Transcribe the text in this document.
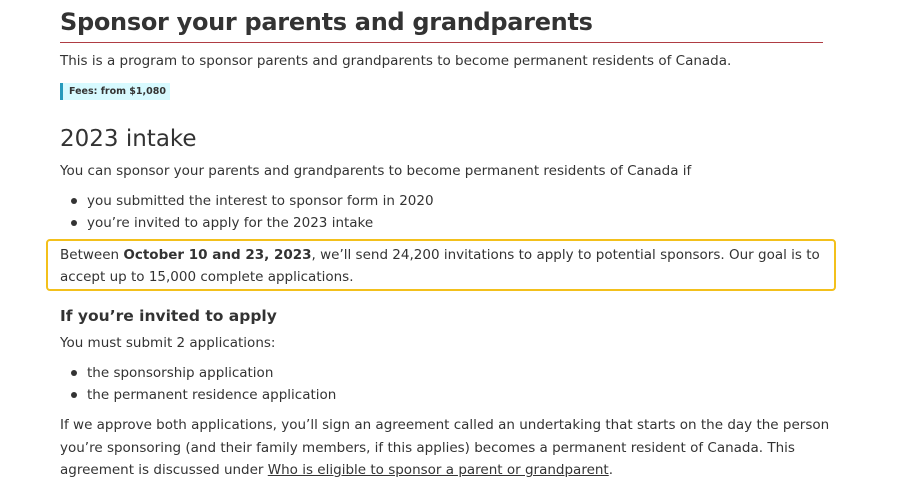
Sponsor your parents and grandparents

This is a program to sponsor parents and grandparents to become permanent residents of Canada.

Fees: from $1,080
2023 intake

You can sponsor your parents and grandparents to become permanent residents of Canada if

you submitted the interest to sponsor form in 2020
you’re invited to apply for the 2023 intake

Between October 10 and 23, 2023, we’ll send 24,200 invitations to apply to potential sponsors. Our goal is to accept up to 15,000 complete applications.

If you’re invited to apply

You must submit 2 applications:

the sponsorship application
the permanent residence application

If we approve both applications, you’ll sign an agreement called an undertaking that starts on the day the person you’re sponsoring (and their family members, if this applies) becomes a permanent resident of Canada. This agreement is discussed under Who is eligible to sponsor a parent or grandparent.
